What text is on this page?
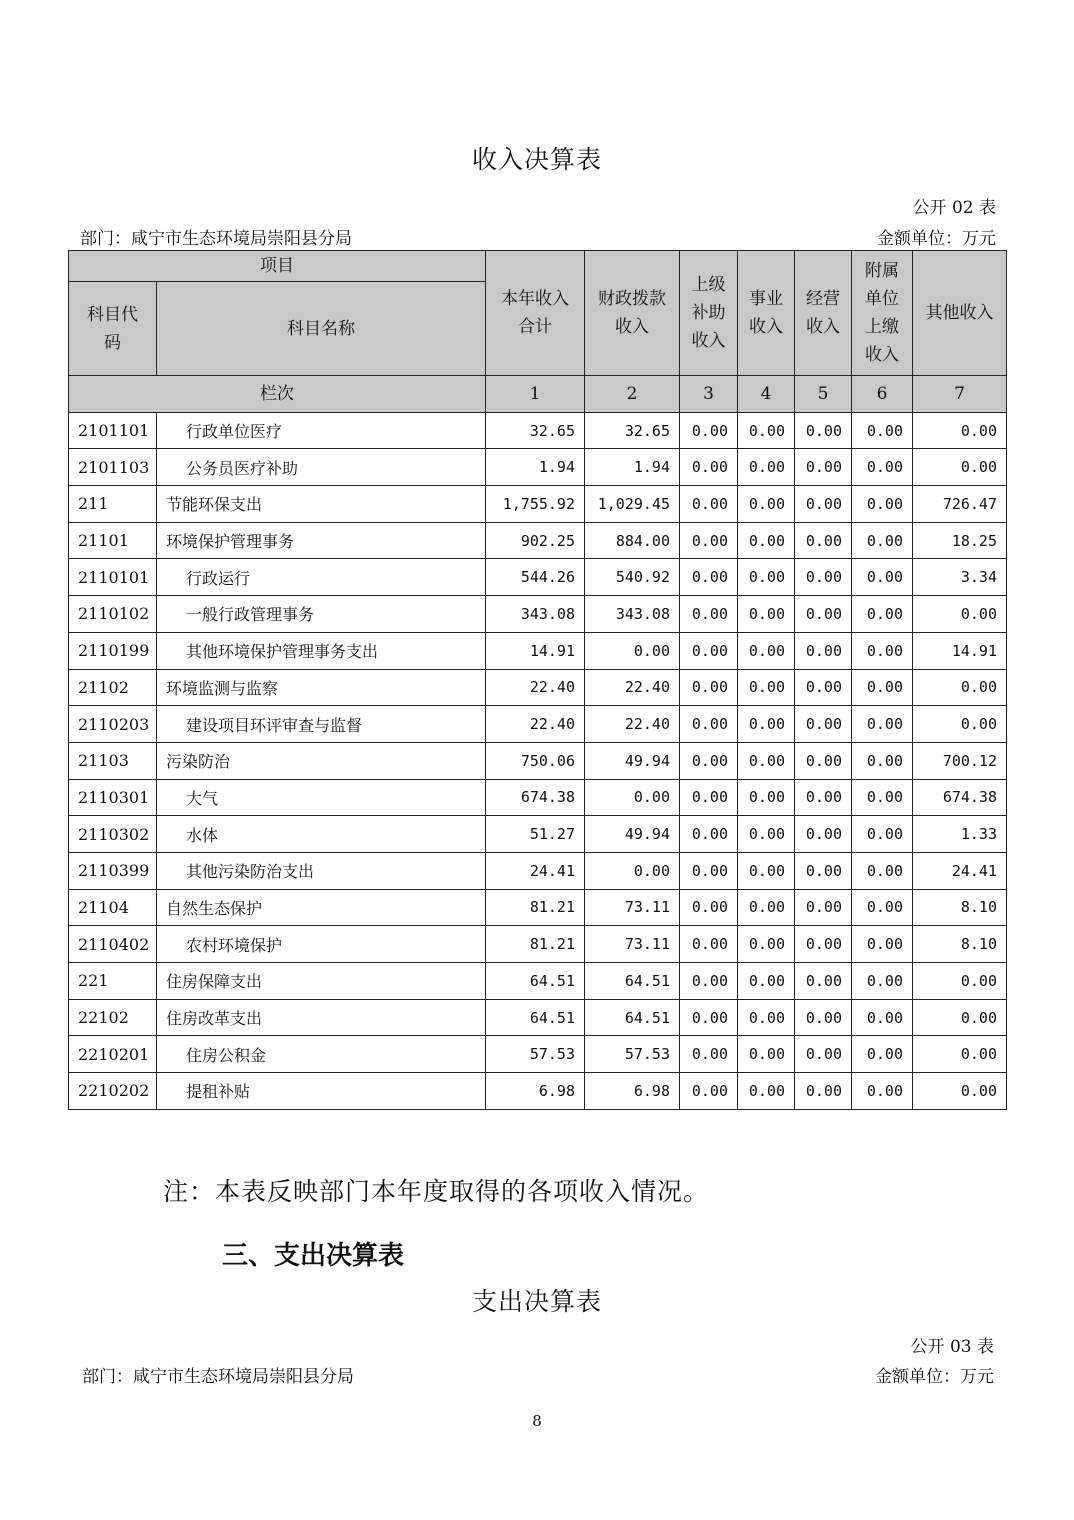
收入决算表
公开 02 表
部门：咸宁市生态环境局崇阳县分局	金额单位：万元
项目		本年收入合计	财政拨款收入	上级补助收入	事业收入	经营收入	附属单位上缴收入	其他收入
科目代码	科目名称							
栏次		1	2	3	4	5	6	7
2101101	行政单位医疗	32.65	32.65	0.00	0.00	0.00	0.00	0.00
2101103	公务员医疗补助	1.94	1.94	0.00	0.00	0.00	0.00	0.00
211	节能环保支出	1,755.92	1,029.45	0.00	0.00	0.00	0.00	726.47
21101	环境保护管理事务	902.25	884.00	0.00	0.00	0.00	0.00	18.25
2110101	行政运行	544.26	540.92	0.00	0.00	0.00	0.00	3.34
2110102	一般行政管理事务	343.08	343.08	0.00	0.00	0.00	0.00	0.00
2110199	其他环境保护管理事务支出	14.91	0.00	0.00	0.00	0.00	0.00	14.91
21102	环境监测与监察	22.40	22.40	0.00	0.00	0.00	0.00	0.00
2110203	建设项目环评审查与监督	22.40	22.40	0.00	0.00	0.00	0.00	0.00
21103	污染防治	750.06	49.94	0.00	0.00	0.00	0.00	700.12
2110301	大气	674.38	0.00	0.00	0.00	0.00	0.00	674.38
2110302	水体	51.27	49.94	0.00	0.00	0.00	0.00	1.33
2110399	其他污染防治支出	24.41	0.00	0.00	0.00	0.00	0.00	24.41
21104	自然生态保护	81.21	73.11	0.00	0.00	0.00	0.00	8.10
2110402	农村环境保护	81.21	73.11	0.00	0.00	0.00	0.00	8.10
221	住房保障支出	64.51	64.51	0.00	0.00	0.00	0.00	0.00
22102	住房改革支出	64.51	64.51	0.00	0.00	0.00	0.00	0.00
2210201	住房公积金	57.53	57.53	0.00	0.00	0.00	0.00	0.00
2210202	提租补贴	6.98	6.98	0.00	0.00	0.00	0.00	0.00
注：本表反映部门本年度取得的各项收入情况。
三、支出决算表
支出决算表
公开 03 表
部门：咸宁市生态环境局崇阳县分局	金额单位：万元
8
